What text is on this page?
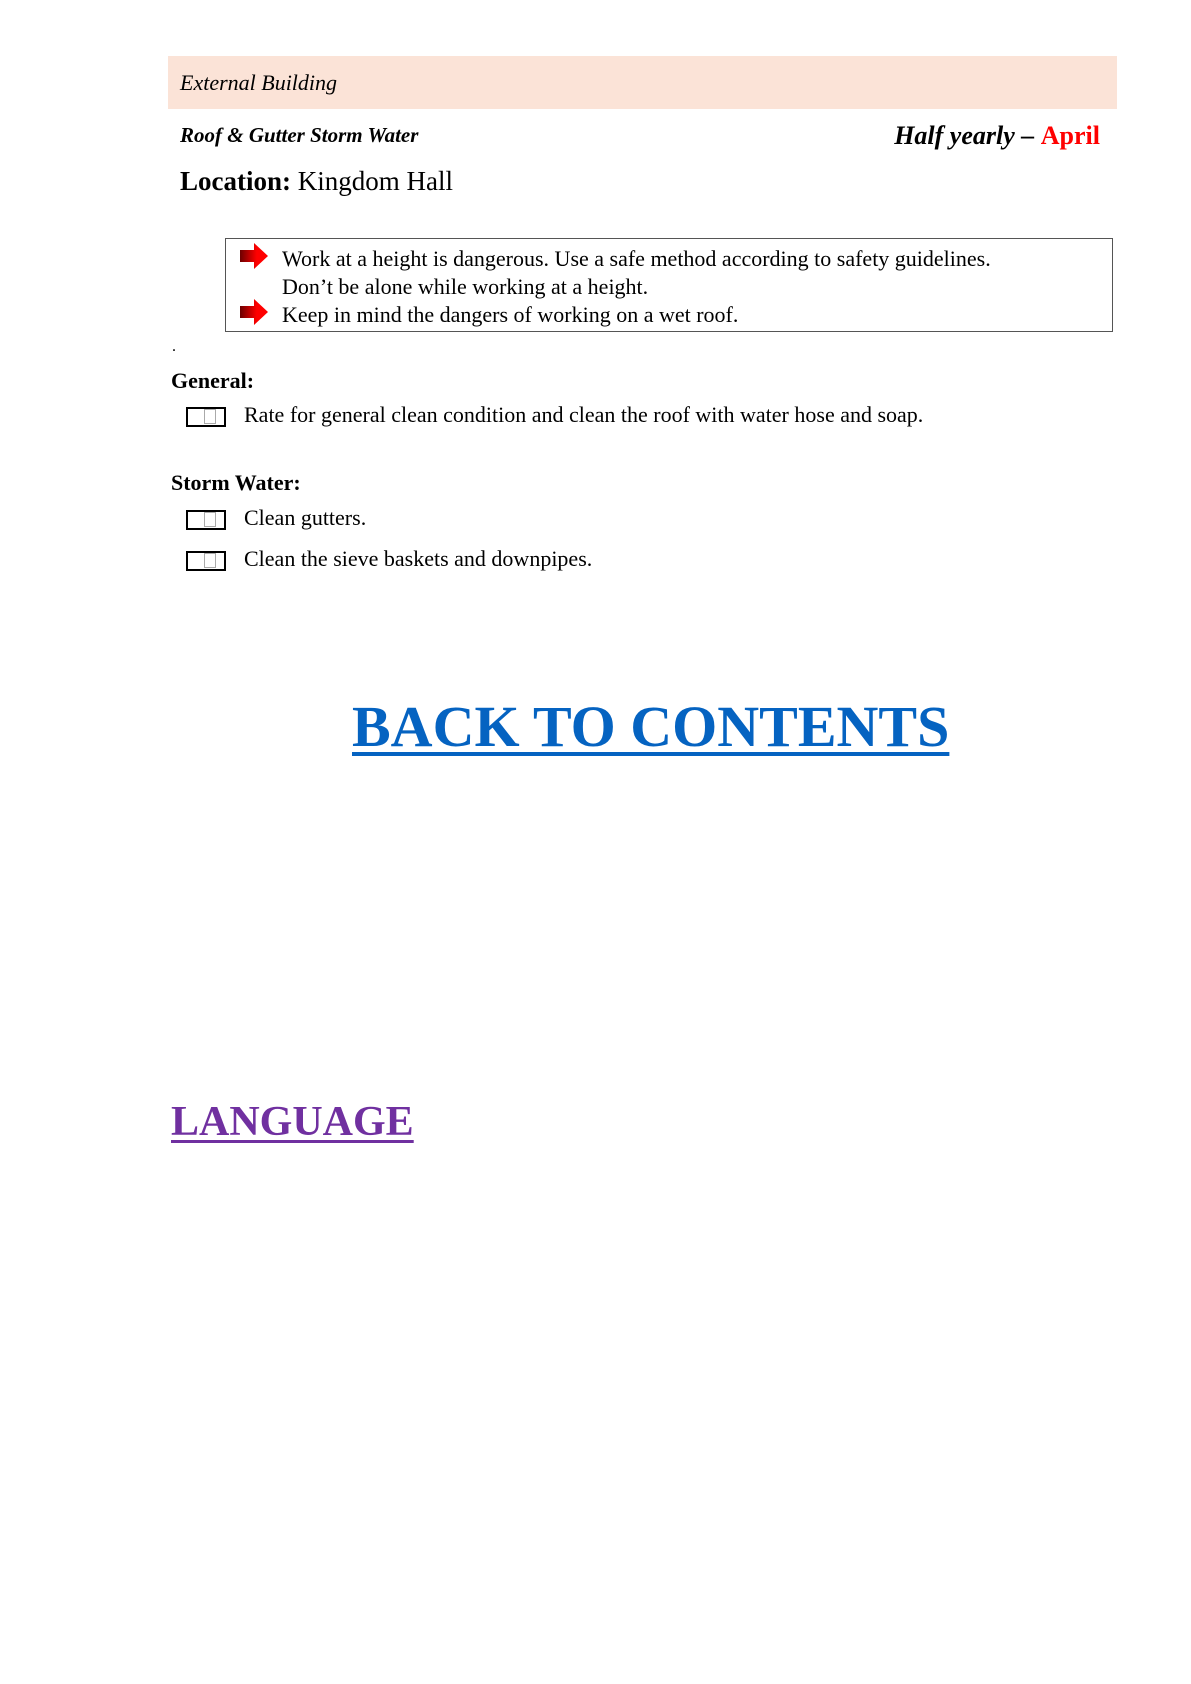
External Building
Roof & Gutter Storm Water	Half yearly – April
Location: Kingdom Hall
Work at a height is dangerous. Use a safe method according to safety guidelines.
Don’t be alone while working at a height.
Keep in mind the dangers of working on a wet roof.
.
General:
Rate for general clean condition and clean the roof with water hose and soap.
Storm Water:
Clean gutters.
Clean the sieve baskets and downpipes.
BACK TO CONTENTS
LANGUAGE
